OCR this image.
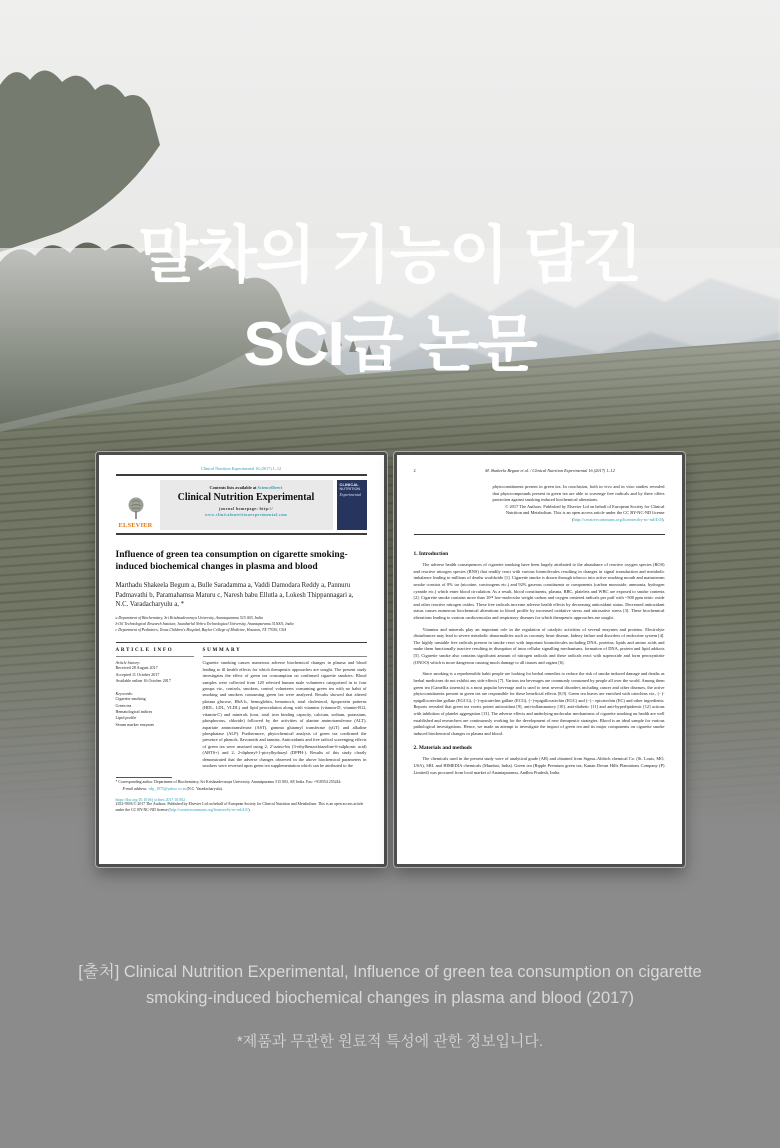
말차의 기능이 담긴
SCI급 논문
Clinical Nutrition Experimental 16 (2017) 1–12
ELSEVIER
Contents lists available at ScienceDirect
Clinical Nutrition Experimental
journal homepage: http://
www.clinicalnutritionexperimental.com
CLINICAL
NUTRITION
Experimental
Influence of green tea consumption on cigarette smoking-induced biochemical changes in plasma and blood
Marthadu Shakeela Begum a, Bulle Saradamma a, Vaddi Damodara Reddy a, Pannuru Padmavathi b, Paramahamsa Maturu c, Naresh babu Ellutla a, Lokesh Thippannagari a, N.C. Varadacharyulu a, *
a Department of Biochemistry, Sri Krishnadevaraya University, Anantapuramu 515 003, India
b Oil Technological Research Institute, Jawaharlal Nehru Technological University, Anantapuramu 515001, India
c Department of Pediatrics, Texas Children's Hospital, Baylor College of Medicine, Houston, TX 77030, USA
ARTICLE INFO
Article history:
Received 28 August 2017
Accepted 11 October 2017
Available online 16 October 2017
Keywords:
Cigarette smoking
Green tea
Hematological indices
Lipid profile
Serum marker enzymes
SUMMARY
Cigarette smoking causes numerous adverse biochemical changes in plasma and blood leading to ill health effects for which therapeutic approaches are sought. The present study investigates the effect of green tea consumption on confirmed cigarette smokers. Blood samples were collected from 120 selected human male volunteers categorized in to four groups viz., controls, smokers, control volunteers consuming green tea with no habit of smoking and smokers consuming green tea were analyzed. Results showed that altered plasma glucose, HbA1c, hemoglobin, hematocrit, total cholesterol, lipoprotein patterns (HDL, LDL, VLDL) and lipid peroxidation along with vitamins (vitamin-D, vitamin-B12, vitamin-C) and minerals (iron, total iron binding capacity, calcium, sodium, potassium, phosphorous, chloride) followed by the activities of alanine aminotransferase (ALT), aspartate aminotransferase (AST), gamma glutamyl transferase (γGT) and alkaline phosphatase (ALP). Furthermore, phytochemical analysis of green tea confirmed the presence of phenols, flavonoids and tannins. Antioxidants and free radical scavenging effects of green tea were assessed using 2, 2'-azino-bis (3-ethylbenzothiazoline-6-sulphonic acid) (ABTS+) and 2, 2-diphenyl-1-picrylhydrazyl (DPPH·). Results of this study clearly demonstrated that the adverse changes observed in the above biochemical parameters in smokers were reversed upon green tea supplementation which can be attributed to the
* Corresponding author. Department of Biochemistry, Sri Krishnadevaraya University, Anantapuramu 515 003, AP, India. Fax: +918554 255244.
E-mail address: vdp_1975@yahoo.co.in (N.C. Varadacharyulu).
https://doi.org/10.1016/j.yclnex.2017.10.002
2352-9393/© 2017 The Authors. Published by Elsevier Ltd on behalf of European Society for Clinical Nutrition and Metabolism. This is an open access article under the CC BY-NC-ND license (http://creativecommons.org/licenses/by-nc-nd/4.0/).
2	M. Shakeela Begum et al. / Clinical Nutrition Experimental 16 (2017) 1–12
phytoconstituents present in green tea. In conclusion, both in vivo and in vitro studies revealed that phytocompounds present in green tea are able to scavenge free radicals and by there offers protection against smoking induced biochemical alterations.
© 2017 The Authors. Published by Elsevier Ltd on behalf of European Society for Clinical Nutrition and Metabolism. This is an open access article under the CC BY-NC-ND license (http://creativecommons.org/licenses/by-nc-nd/4.0/).
1. Introduction
The adverse health consequences of cigarette smoking have been largely attributed to the abundance of reactive oxygen species (ROS) and reactive nitrogen species (RNS) that readily react with various biomolecules resulting in changes in signal transduction and metabolic imbalance leading to millions of deaths worldwide [1]. Cigarette smoke is drawn through tobacco into active smoking mouth and mainstream smoke consists of 8% tar (nicotine, carcinogens etc.) and 92% gaseous constituents or components (carbon monoxide, ammonia, hydrogen cyanide etc.) which enter blood circulation. As a result, blood constituents, plasma, RBC, platelets and WBC are exposed to smoke contents [2]. Cigarette smoke contains more than 10¹⁴ low-molecular weight carbon and oxygen centered radicals per puff with ~500 ppm nitric oxide and other reactive nitrogen oxides. These free radicals increase adverse health effects by decreasing antioxidant status. Decreased antioxidant status causes numerous biochemical alterations in blood profile by increased oxidative stress and nitrosative stress [3]. These biochemical alterations leading to various cardiovascular and respiratory diseases for which therapeutic approaches are sought.
Vitamins and minerals play an important role in the regulation of catalytic activities of several enzymes and proteins. Electrolyte disturbances may lead to severe metabolic abnormalities such as coronary heart disease, kidney failure and disorders of endocrine system [4]. The highly unstable free radicals present in smoke react with important biomolecules including DNA, proteins, lipids and amino acids and make them functionally inactive resulting in disruption of intra cellular signalling mechanisms, formation of DNA, protein and lipid adducts [5]. Cigarette smoke also contains significant amount of nitrogen radicals and these radicals react with superoxide and form peroxynitrite (ONOO) which is more dangerous causing much damage to all tissues and organs [6].
Since smoking is a reprehensible habit people are looking for herbal remedies to reduce the risk of smoke induced damage and deaths as herbal medicines do not exhibit any side effects [7]. Various tea beverages are commonly consumed by people all over the world. Among them green tea (Camellia sinensis) is a most popular beverage and is used to treat several disorders including cancer and other diseases, the active phytoconstituents present in green tea are responsible for these beneficial effects [8,9]. Green tea leaves are enriched with catechins viz., (−)-epigallocatechin gallate (EGCG), (−)-epicatechin gallate (ECG), (−)-epigallocatechin (EGC) and (−) - epicatechin (EC) and other ingredients. Reports revealed that green tea exerts potent antioxidant [9], anti-inflammatory [10], anti-diabetic [11] and anti-hyperlipidemic [12] actions with inhibition of platelet aggregation [13]. The adverse effects and underlying molecular mechanisms of cigarette smoking on health are well established and researchers are continuously working for the development of new therapeutic strategies. Blood is an ideal sample for various pathological investigations. Hence, we made an attempt to investigate the impact of green tea and its major components on cigarette smoke induced biochemical changes in plasma and blood.
2. Materials and methods
The chemicals used in the present study were of analytical grade (AR) and obtained from Sigma–Aldrich chemical Co. (St. Louis, MO, USA), SRL and HIMEDIA chemicals (Mumbai, India). Green tea (Ripple Premium green tea, Kanan Devan Hills Plantations Company (P) Limited) was procured from local market of Anantapuramu, Andhra Pradesh, India.
[출처] Clinical Nutrition Experimental, Influence of green tea consumption on cigarette smoking-induced biochemical changes in plasma and blood (2017)
*제품과 무관한 원료적 특성에 관한 정보입니다.
